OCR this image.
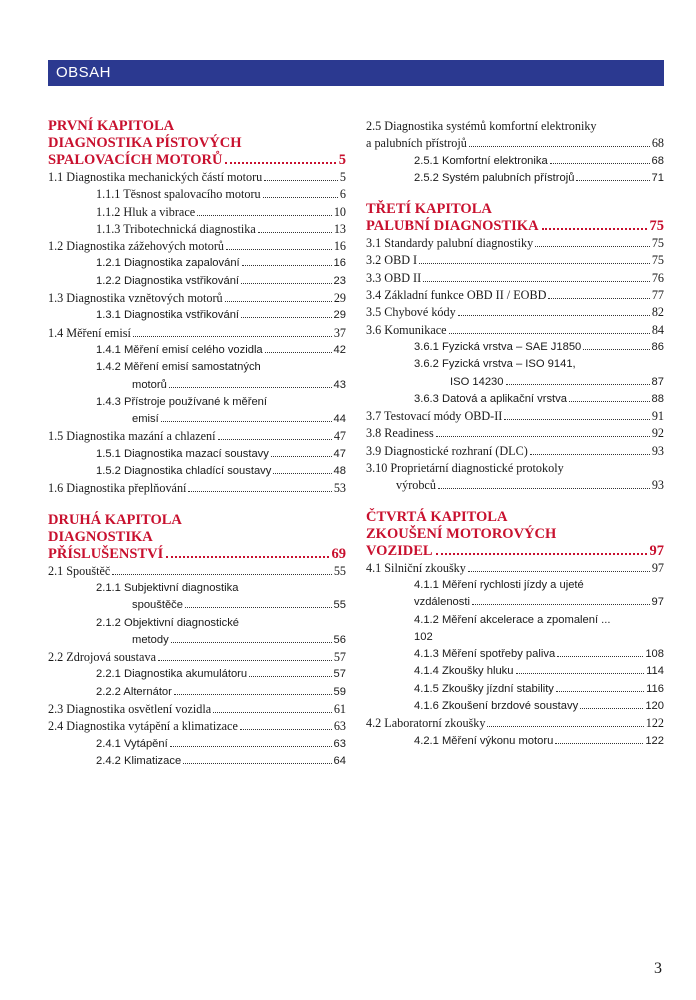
OBSAH
PRVNÍ KAPITOLA
DIAGNOSTIKA PÍSTOVÝCH
SPALOVACÍCH MOTORŮ	5
1.1 Diagnostika mechanických částí motoru	5
1.1.1 Těsnost spalovacího motoru	6
1.1.2 Hluk a vibrace	10
1.1.3 Tribotechnická diagnostika	13
1.2 Diagnostika zážehových motorů	16
1.2.1 Diagnostika zapalování	16
1.2.2 Diagnostika vstřikování	23
1.3 Diagnostika vznětových motorů	29
1.3.1 Diagnostika vstřikování	29
1.4 Měření emisí	37
1.4.1 Měření emisí celého vozidla	42
1.4.2 Měření emisí samostatných
motorů	43
1.4.3 Přístroje používané k měření
emisí	44
1.5 Diagnostika mazání a chlazení	47
1.5.1 Diagnostika mazací soustavy	47
1.5.2 Diagnostika chladící soustavy	48
1.6 Diagnostika přeplňování	53
DRUHÁ KAPITOLA
DIAGNOSTIKA
PŘÍSLUŠENSTVÍ	69
2.1 Spouštěč	55
2.1.1 Subjektivní diagnostika
spouštěče	55
2.1.2 Objektivní diagnostické
metody	56
2.2 Zdrojová soustava	57
2.2.1 Diagnostika akumulátoru	57
2.2.2 Alternátor	59
2.3 Diagnostika osvětlení vozidla	61
2.4 Diagnostika vytápění a klimatizace	63
2.4.1 Vytápění	63
2.4.2 Klimatizace	64
2.5 Diagnostika systémů komfortní elektroniky
a palubních přístrojů	68
2.5.1 Komfortní elektronika	68
2.5.2 Systém palubních přístrojů	71
TŘETÍ KAPITOLA
PALUBNÍ DIAGNOSTIKA	75
3.1 Standardy palubní diagnostiky	75
3.2 OBD I	75
3.3 OBD II	76
3.4 Základní funkce OBD II / EOBD	77
3.5 Chybové kódy	82
3.6 Komunikace	84
3.6.1 Fyzická vrstva – SAE J1850	86
3.6.2 Fyzická vrstva – ISO 9141,
ISO 14230	87
3.6.3 Datová a aplikační vrstva	88
3.7 Testovací módy OBD-II	91
3.8 Readiness	92
3.9 Diagnostické rozhraní (DLC)	93
3.10 Proprietární diagnostické protokoly
výrobců	93
ČTVRTÁ KAPITOLA
ZKOUŠENÍ MOTOROVÝCH
VOZIDEL	97
4.1 Silniční zkoušky	97
4.1.1 Měření rychlosti jízdy a ujeté
vzdálenosti	97
4.1.2 Měření akcelerace a zpomalení ...
102
4.1.3 Měření spotřeby paliva	108
4.1.4 Zkoušky hluku	114
4.1.5 Zkoušky jízdní stability	116
4.1.6 Zkoušení brzdové soustavy	120
4.2 Laboratorní zkoušky	122
4.2.1 Měření výkonu motoru	122
3
